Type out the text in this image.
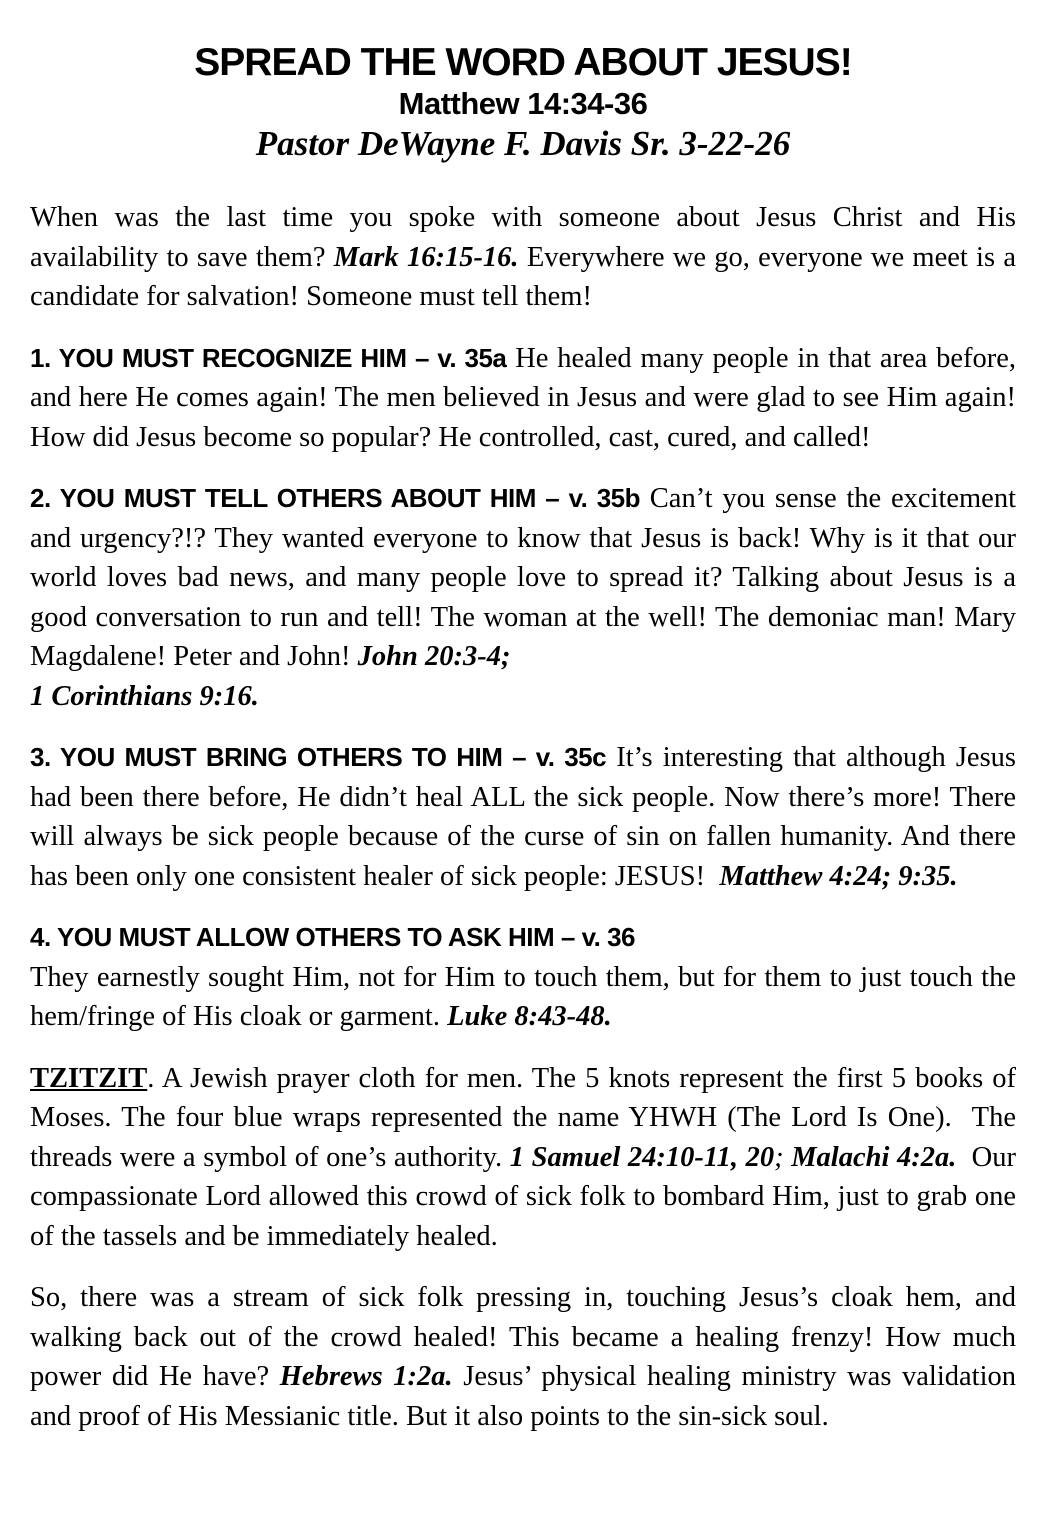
SPREAD THE WORD ABOUT JESUS!
Matthew 14:34-36
Pastor DeWayne F. Davis Sr. 3-22-26

When was the last time you spoke with someone about Jesus Christ and His availability to save them? Mark 16:15-16. Everywhere we go, everyone we meet is a candidate for salvation! Someone must tell them!

1. YOU MUST RECOGNIZE HIM – v. 35a He healed many people in that area before, and here He comes again! The men believed in Jesus and were glad to see Him again! How did Jesus become so popular? He controlled, cast, cured, and called!

2. YOU MUST TELL OTHERS ABOUT HIM – v. 35b Can’t you sense the excitement and urgency?!? They wanted everyone to know that Jesus is back! Why is it that our world loves bad news, and many people love to spread it? Talking about Jesus is a good conversation to run and tell! The woman at the well! The demoniac man! Mary Magdalene! Peter and John! John 20:3-4;
1 Corinthians 9:16.

3. YOU MUST BRING OTHERS TO HIM – v. 35c It’s interesting that although Jesus had been there before, He didn’t heal ALL the sick people. Now there’s more! There will always be sick people because of the curse of sin on fallen humanity. And there has been only one consistent healer of sick people: JESUS!  Matthew 4:24; 9:35.

4. YOU MUST ALLOW OTHERS TO ASK HIM – v. 36
They earnestly sought Him, not for Him to touch them, but for them to just touch the hem/fringe of His cloak or garment. Luke 8:43-48.

TZITZIT. A Jewish prayer cloth for men. The 5 knots represent the first 5 books of Moses. The four blue wraps represented the name YHWH (The Lord Is One).  The threads were a symbol of one’s authority. 1 Samuel 24:10-11, 20; Malachi 4:2a.  Our compassionate Lord allowed this crowd of sick folk to bombard Him, just to grab one of the tassels and be immediately healed.

So, there was a stream of sick folk pressing in, touching Jesus’s cloak hem, and walking back out of the crowd healed! This became a healing frenzy! How much power did He have? Hebrews 1:2a. Jesus’ physical healing ministry was validation and proof of His Messianic title. But it also points to the sin-sick soul.
